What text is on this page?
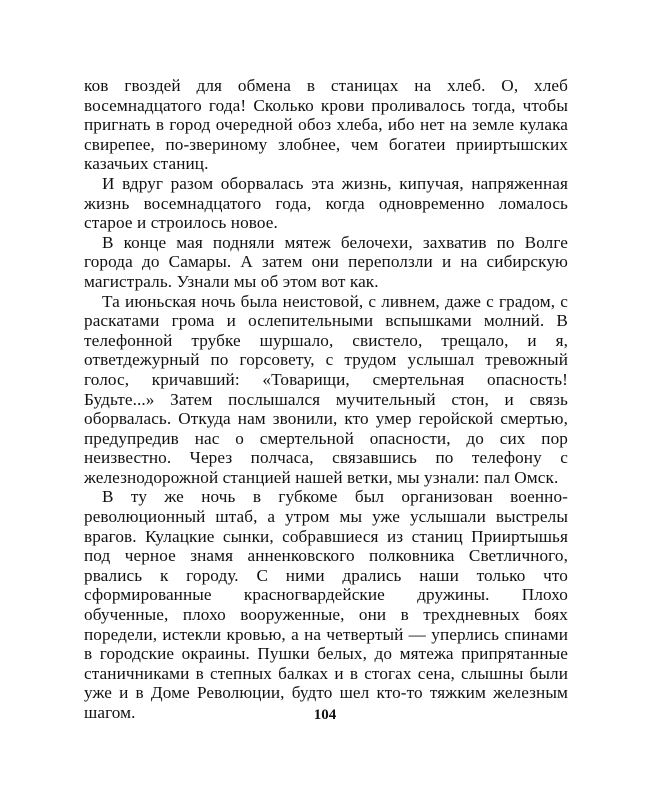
ков гвоздей для обмена в станицах на хлеб. О, хлеб восемнадцатого года! Сколько крови проливалось тогда, чтобы пригнать в город очередной обоз хлеба, ибо нет на земле кулака свирепее, по-звериному злобнее, чем богатеи прииртышских казачьих станиц.

И вдруг разом оборвалась эта жизнь, кипучая, напряженная жизнь восемнадцатого года, когда одновременно ломалось старое и строилось новое.

В конце мая подняли мятеж белочехи, захватив по Волге города до Самары. А затем они переползли и на сибирскую магистраль. Узнали мы об этом вот как.

Та июньская ночь была неистовой, с ливнем, даже с градом, с раскатами грома и ослепительными вспышками молний. В телефонной трубке шуршало, свистело, трещало, и я, ответдежурный по горсовету, с трудом услышал тревожный голос, кричавший: «Товарищи, смертельная опасность! Будьте...» Затем послышался мучительный стон, и связь оборвалась. Откуда нам звонили, кто умер геройской смертью, предупредив нас о смертельной опасности, до сих пор неизвестно. Через полчаса, связавшись по телефону с железнодорожной станцией нашей ветки, мы узнали: пал Омск.

В ту же ночь в губкоме был организован военно-революционный штаб, а утром мы уже услышали выстрелы врагов. Кулацкие сынки, собравшиеся из станиц Прииртышья под черное знамя анненковского полковника Светличного, рвались к городу. С ними дрались наши только что сформированные красногвардейские дружины. Плохо обученные, плохо вооруженные, они в трехдневных боях поредели, истекли кровью, а на четвертый — уперлись спинами в городские окраины. Пушки белых, до мятежа припрятанные станичниками в степных балках и в стогах сена, слышны были уже и в Доме Революции, будто шел кто-то тяжким железным шагом.	104
